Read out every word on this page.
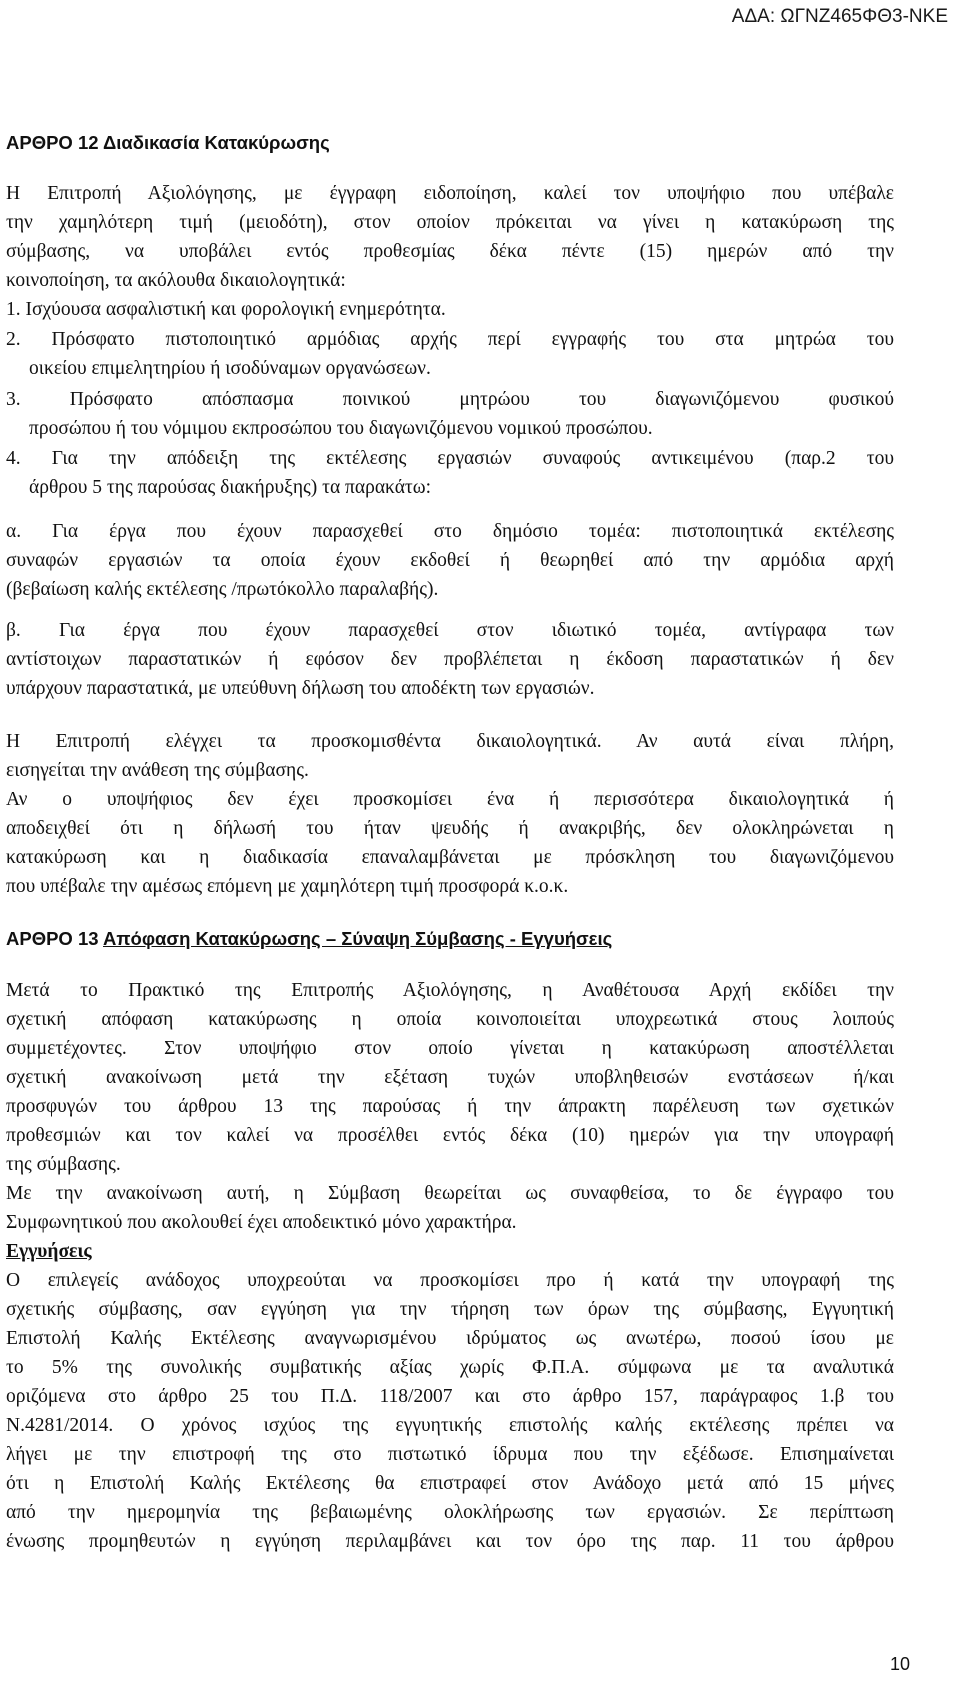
ΑΔΑ: ΩΓΝΖ465ΦΘ3-ΝΚΕ
ΑΡΘΡΟ 12 Διαδικασία Κατακύρωσης
Η Επιτροπή Αξιολόγησης, με έγγραφη ειδοποίηση, καλεί τον υποψήφιο που υπέβαλε
την χαμηλότερη τιμή (μειοδότη), στον οποίον πρόκειται να γίνει η κατακύρωση της
σύμβασης, να υποβάλει εντός προθεσμίας δέκα πέντε (15) ημερών από την
κοινοποίηση, τα ακόλουθα δικαιολογητικά:
1. Ισχύουσα ασφαλιστική και φορολογική ενημερότητα.
2. Πρόσφατο πιστοποιητικό αρμόδιας αρχής περί εγγραφής του στα μητρώα του
οικείου επιμελητηρίου ή ισοδύναμων οργανώσεων.
3. Πρόσφατο απόσπασμα ποινικού μητρώου του διαγωνιζόμενου φυσικού
προσώπου ή του νόμιμου εκπροσώπου του διαγωνιζόμενου νομικού προσώπου.
4. Για την απόδειξη της εκτέλεσης εργασιών συναφούς αντικειμένου (παρ.2 του
άρθρου 5 της παρούσας διακήρυξης) τα παρακάτω:
α. Για έργα που έχουν παρασχεθεί στο δημόσιο τομέα: πιστοποιητικά εκτέλεσης
συναφών εργασιών τα οποία έχουν εκδοθεί ή θεωρηθεί από την αρμόδια αρχή
(βεβαίωση καλής εκτέλεσης /πρωτόκολλο παραλαβής).
β. Για έργα που έχουν παρασχεθεί στον ιδιωτικό τομέα, αντίγραφα των
αντίστοιχων παραστατικών ή εφόσον δεν προβλέπεται η έκδοση παραστατικών ή δεν
υπάρχουν παραστατικά, με υπεύθυνη δήλωση του αποδέκτη των εργασιών.
Η Επιτροπή ελέγχει τα προσκομισθέντα δικαιολογητικά. Αν αυτά είναι πλήρη,
εισηγείται την ανάθεση της σύμβασης.
Αν ο υποψήφιος δεν έχει προσκομίσει ένα ή περισσότερα δικαιολογητικά ή
αποδειχθεί ότι η δήλωσή του ήταν ψευδής ή ανακριβής, δεν ολοκληρώνεται η
κατακύρωση και η διαδικασία επαναλαμβάνεται με πρόσκληση του διαγωνιζόμενου
που υπέβαλε την αμέσως επόμενη με χαμηλότερη τιμή προσφορά κ.ο.κ.
ΑΡΘΡΟ 13 Απόφαση Κατακύρωσης – Σύναψη Σύμβασης - Εγγυήσεις
Μετά το Πρακτικό της Επιτροπής Αξιολόγησης, η Αναθέτουσα Αρχή εκδίδει την
σχετική απόφαση κατακύρωσης η οποία κοινοποιείται υποχρεωτικά στους λοιπούς
συμμετέχοντες. Στον υποψήφιο στον οποίο γίνεται η κατακύρωση αποστέλλεται
σχετική ανακοίνωση μετά την εξέταση τυχών υποβληθεισών ενστάσεων ή/και
προσφυγών του άρθρου 13 της παρούσας ή την άπρακτη παρέλευση των σχετικών
προθεσμιών και τον καλεί να προσέλθει εντός δέκα (10) ημερών για την υπογραφή
της σύμβασης.
Με την ανακοίνωση αυτή, η Σύμβαση θεωρείται ως συναφθείσα, το δε έγγραφο του
Συμφωνητικού που ακολουθεί έχει αποδεικτικό μόνο χαρακτήρα.
Εγγυήσεις
Ο επιλεγείς ανάδοχος υποχρεούται να προσκομίσει προ ή κατά την υπογραφή της
σχετικής σύμβασης, σαν εγγύηση για την τήρηση των όρων της σύμβασης, Εγγυητική
Επιστολή Καλής Εκτέλεσης αναγνωρισμένου ιδρύματος ως ανωτέρω, ποσού ίσου με
το 5% της συνολικής συμβατικής αξίας χωρίς Φ.Π.Α. σύμφωνα με τα αναλυτικά
οριζόμενα στο άρθρο 25 του Π.Δ. 118/2007 και στο άρθρο 157, παράγραφος 1.β του
Ν.4281/2014. Ο χρόνος ισχύος της εγγυητικής επιστολής καλής εκτέλεσης πρέπει να
λήγει με την επιστροφή της στο πιστωτικό ίδρυμα που την εξέδωσε. Επισημαίνεται
ότι η Επιστολή Καλής Εκτέλεσης θα επιστραφεί στον Ανάδοχο μετά από 15 μήνες
από την ημερομηνία της βεβαιωμένης ολοκλήρωσης των εργασιών. Σε περίπτωση
ένωσης προμηθευτών η εγγύηση περιλαμβάνει και τον όρο της παρ. 11 του άρθρου
10
